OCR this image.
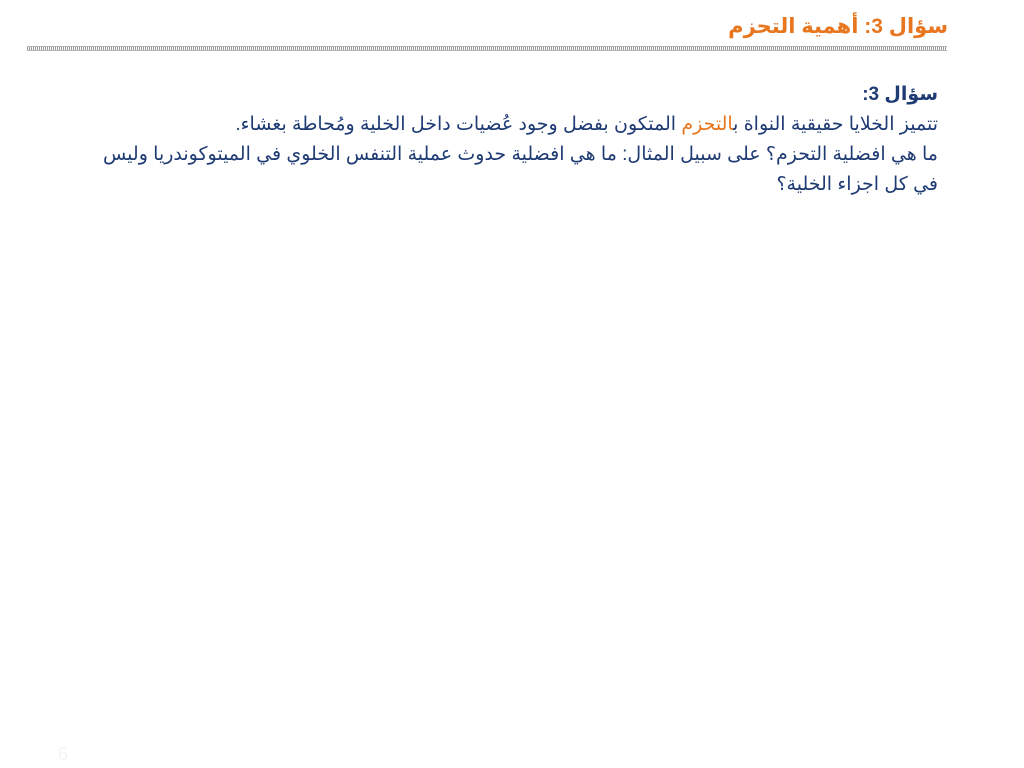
سؤال 3: أهمية التحزم
سؤال 3:
تتميز الخلايا حقيقية النواة بالتحزم المتكون بفضل وجود عُضيات داخل الخلية ومُحاطة بغشاء.
ما هي افضلية التحزم؟ على سبيل المثال: ما هي افضلية حدوث عملية التنفس الخلوي في الميتوكوندريا وليس
في كل اجزاء الخلية؟
6
